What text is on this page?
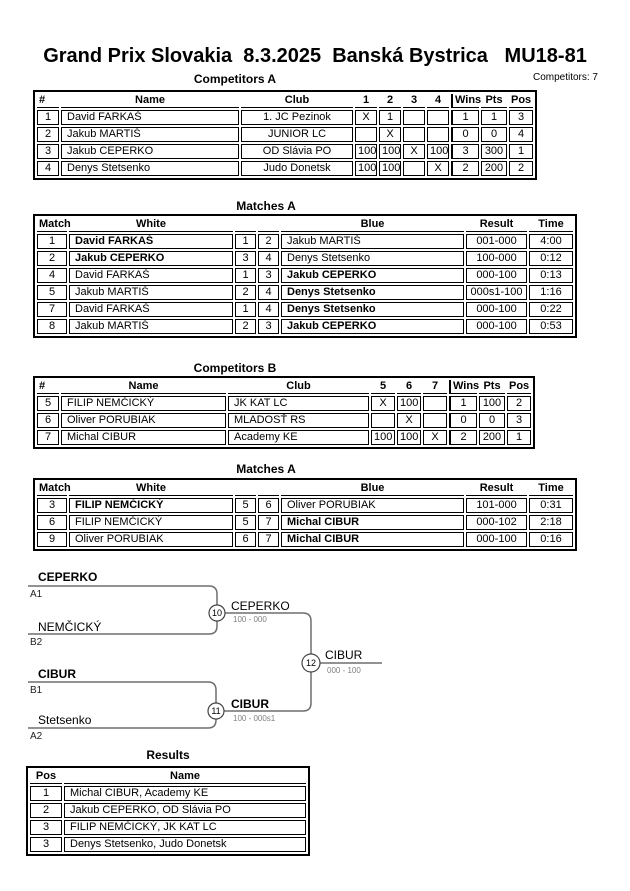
Grand Prix Slovakia  8.3.2025  Banská Bystrica   MU18-81
Competitors: 7
Competitors A
#	Name	Club	1	2	3	4	Wins	Pts	Pos
1	David FARKAŠ	1. JC Pezinok	X	1			1	1	3
2	Jakub MARTIŠ	JUNIOR LC		X			0	0	4
3	Jakub CEPERKO	OD Slávia PO	100	100	X	100	3	300	1
4	Denys Stetsenko	Judo Donetsk	100	100		X	2	200	2
Matches A
Match	White			Blue	Result	Time
1	David FARKAŠ	1	2	Jakub MARTIŠ	001-000	4:00
2	Jakub CEPERKO	3	4	Denys Stetsenko	100-000	0:12
4	David FARKAŠ	1	3	Jakub CEPERKO	000-100	0:13
5	Jakub MARTIŠ	2	4	Denys Stetsenko	000s1-100	1:16
7	David FARKAŠ	1	4	Denys Stetsenko	000-100	0:22
8	Jakub MARTIŠ	2	3	Jakub CEPERKO	000-100	0:53
Competitors B
#	Name	Club	5	6	7	Wins	Pts	Pos
5	FILIP NEMČICKÝ	JK KAT LC	X	100		1	100	2
6	Oliver PORUBIAK	MLADOSŤ RS		X		0	0	3
7	Michal CIBUR	Academy KE	100	100	X	2	200	1
Matches A
Match	White			Blue	Result	Time
3	FILIP NEMČICKÝ	5	6	Oliver PORUBIAK	101-000	0:31
6	FILIP NEMČICKÝ	5	7	Michal CIBUR	000-102	2:18
9	Oliver PORUBIAK	6	7	Michal CIBUR	000-100	0:16
10
11
12
CEPERKO
A1
NEMČICKÝ
B2
CEPERKO
100 - 000
CIBUR
B1
Stetsenko
A2
CIBUR
100 - 000s1
CIBUR
000 - 100
Results
Pos	Name
1	Michal CIBUR, Academy KE
2	Jakub CEPERKO, OD Slávia PO
3	FILIP NEMČICKÝ, JK KAT LC
3	Denys Stetsenko, Judo Donetsk
